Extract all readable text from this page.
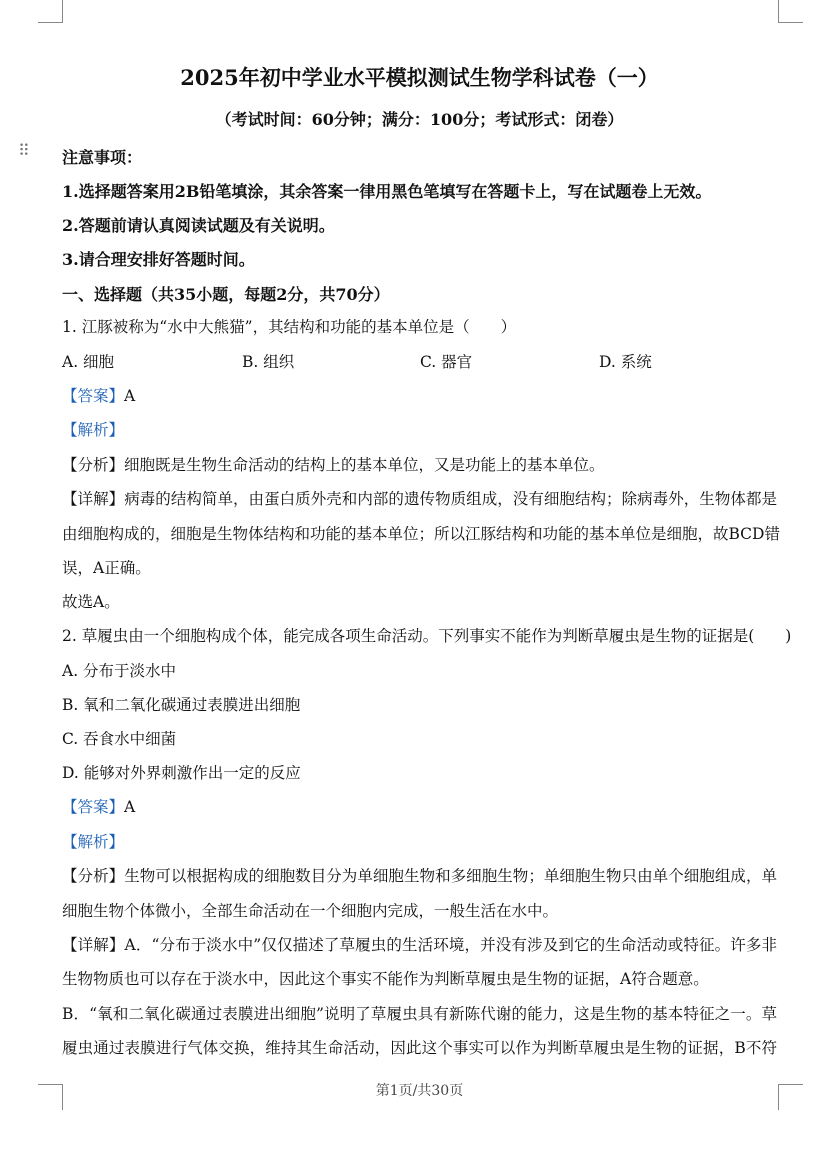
2025年初中学业水平模拟测试生物学科试卷（一）
（考试时间：60分钟；满分：100分；考试形式：闭卷）
⠿ 注意事项：
1.选择题答案用2B铅笔填涂，其余答案一律用黑色笔填写在答题卡上，写在试题卷上无效。
2.答题前请认真阅读试题及有关说明。
3.请合理安排好答题时间。
一、选择题（共35小题，每题2分，共70分）
1. 江豚被称为“水中大熊猫”，其结构和功能的基本单位是（　　）
A. 细胞	B. 组织	C. 器官	D. 系统
【答案】A
【解析】
【分析】细胞既是生物生命活动的结构上的基本单位，又是功能上的基本单位。
【详解】病毒的结构简单，由蛋白质外壳和内部的遗传物质组成，没有细胞结构；除病毒外，生物体都是
由细胞构成的，细胞是生物体结构和功能的基本单位；所以江豚结构和功能的基本单位是细胞，故BCD错
误，A正确。
故选A。
2. 草履虫由一个细胞构成个体，能完成各项生命活动。下列事实不能作为判断草履虫是生物的证据是(　　)
A. 分布于淡水中
B. 氧和二氧化碳通过表膜进出细胞
C. 吞食水中细菌
D. 能够对外界刺激作出一定的反应
【答案】A
【解析】
【分析】生物可以根据构成的细胞数目分为单细胞生物和多细胞生物；单细胞生物只由单个细胞组成，单
细胞生物个体微小，全部生命活动在一个细胞内完成，一般生活在水中。
【详解】A．“分布于淡水中”仅仅描述了草履虫的生活环境，并没有涉及到它的生命活动或特征。许多非
生物物质也可以存在于淡水中，因此这个事实不能作为判断草履虫是生物的证据，A符合题意。
B．“氧和二氧化碳通过表膜进出细胞”说明了草履虫具有新陈代谢的能力，这是生物的基本特征之一。草
履虫通过表膜进行气体交换，维持其生命活动，因此这个事实可以作为判断草履虫是生物的证据，B不符
第1页/共30页
